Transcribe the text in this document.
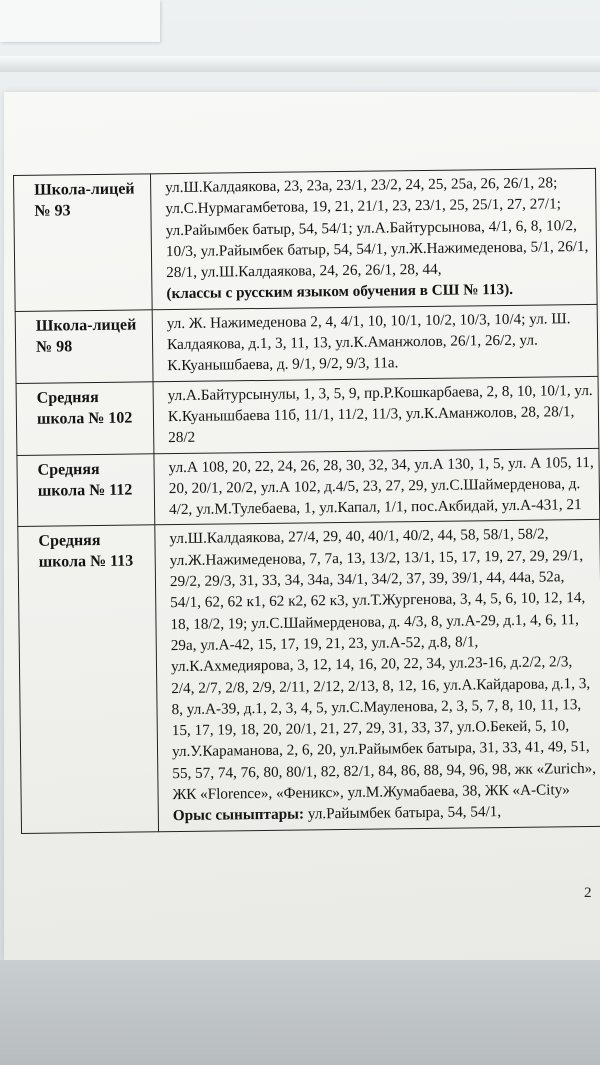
Школа-лицей № 93	ул.Ш.Калдаякова, 23, 23а, 23/1, 23/2, 24, 25, 25а, 26, 26/1, 28; ул.С.Нурмагамбетова, 19, 21, 21/1, 23, 23/1, 25, 25/1, 27, 27/1; ул.Райымбек батыр, 54, 54/1; ул.А.Байтурсынова, 4/1, 6, 8, 10/2, 10/3, ул.Райымбек батыр, 54, 54/1, ул.Ж.Нажимеденова, 5/1, 26/1, 28/1, ул.Ш.Калдаякова, 24, 26, 26/1, 28, 44,
(классы с русским языком обучения в СШ № 113).
Школа-лицей № 98	ул. Ж. Нажимеденова 2, 4, 4/1, 10, 10/1, 10/2, 10/3, 10/4; ул. Ш. Калдаякова, д.1, 3, 11, 13, ул.К.Аманжолов, 26/1, 26/2, ул. К.Куанышбаева, д. 9/1, 9/2, 9/3, 11а.
Средняя школа № 102	ул.А.Байтурсынулы, 1, 3, 5, 9, пр.Р.Кошкарбаева, 2, 8, 10, 10/1, ул. К.Куанышбаева 11б, 11/1, 11/2, 11/3, ул.К.Аманжолов, 28, 28/1, 28/2
Средняя школа № 112	ул.А 108, 20, 22, 24, 26, 28, 30, 32, 34, ул.А 130, 1, 5, ул. А 105, 11, 20, 20/1, 20/2, ул.А 102, д.4/5, 23, 27, 29, ул.С.Шаймерденова, д. 4/2, ул.М.Тулебаева, 1, ул.Капал, 1/1, пос.Акбидай, ул.А-431, 21
Средняя школа № 113	ул.Ш.Калдаякова, 27/4, 29, 40, 40/1, 40/2, 44, 58, 58/1, 58/2, ул.Ж.Нажимеденова, 7, 7а, 13, 13/2, 13/1, 15, 17, 19, 27, 29, 29/1, 29/2, 29/3, 31, 33, 34, 34а, 34/1, 34/2, 37, 39, 39/1, 44, 44а, 52а, 54/1, 62, 62 к1, 62 к2, 62 к3, ул.Т.Жургенова, 3, 4, 5, 6, 10, 12, 14, 18, 18/2, 19; ул.С.Шаймерденова, д. 4/3, 8, ул.А-29, д.1, 4, 6, 11, 29а, ул.А-42, 15, 17, 19, 21, 23, ул.А-52, д.8, 8/1, ул.К.Ахмедиярова, 3, 12, 14, 16, 20, 22, 34, ул.23-16, д.2/2, 2/3, 2/4, 2/7, 2/8, 2/9, 2/11, 2/12, 2/13, 8, 12, 16, ул.А.Кайдарова, д.1, 3, 8, ул.А-39, д.1, 2, 3, 4, 5, ул.С.Мауленова, 2, 3, 5, 7, 8, 10, 11, 13, 15, 17, 19, 18, 20, 20/1, 21, 27, 29, 31, 33, 37, ул.О.Бекей, 5, 10, ул.У.Караманова, 2, 6, 20, ул.Райымбек батыра, 31, 33, 41, 49, 51, 55, 57, 74, 76, 80, 80/1, 82, 82/1, 84, 86, 88, 94, 96, 98, жк «Zurich», ЖК «Florence», «Феникс», ул.М.Жумабаева, 38, ЖК «A-City»
Орыс сыныптары: ул.Райымбек батыра, 54, 54/1,
2
